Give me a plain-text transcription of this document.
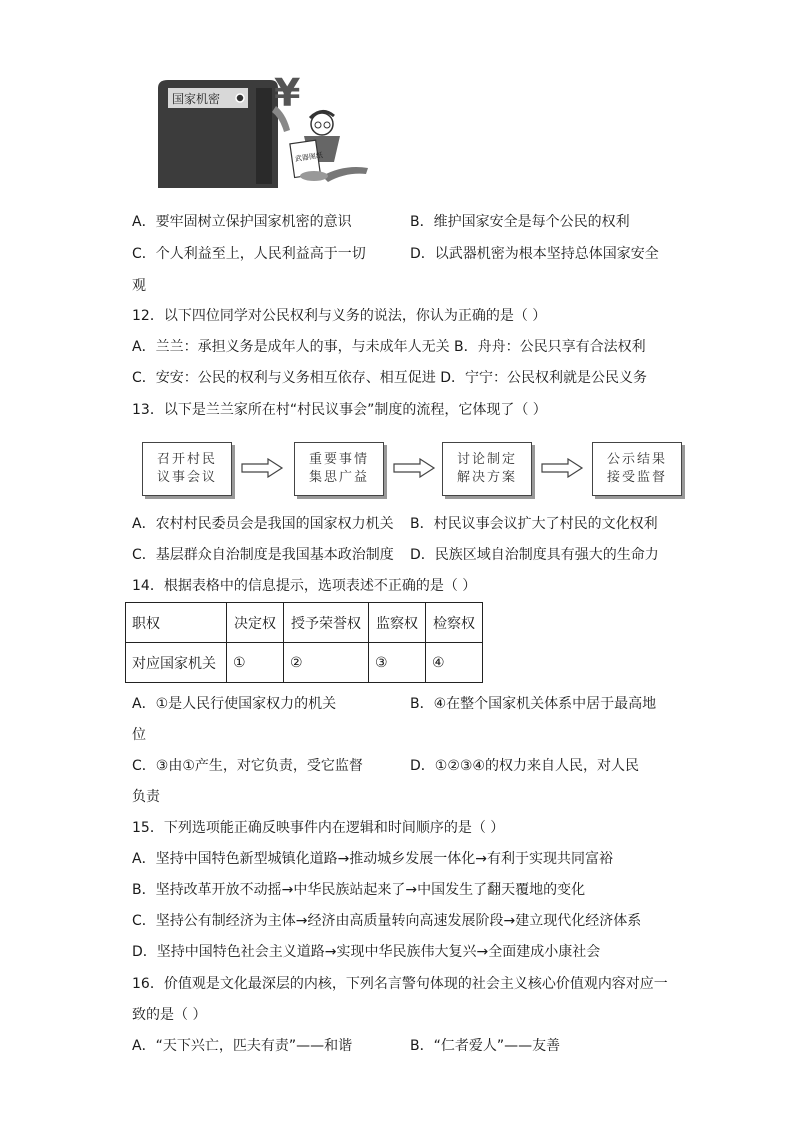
国家机密 ¥
武器图纸
A．要牢固树立保护国家机密的意识	B．维护国家安全是每个公民的权利
C．个人利益至上，人民利益高于一切	D．以武器机密为根本坚持总体国家安全
观
12．以下四位同学对公民权利与义务的说法，你认为正确的是（ ）
A．兰兰：承担义务是成年人的事，与未成年人无关 B．舟舟：公民只享有合法权利
C．安安：公民的权利与义务相互依存、相互促进 D．宁宁：公民权利就是公民义务
13．以下是兰兰家所在村“村民议事会”制度的流程，它体现了（ ）
召开村民
议事会议
重要事情
集思广益
讨论制定
解决方案
公示结果
接受监督
A．农村村民委员会是我国的国家权力机关 B．村民议事会议扩大了村民的文化权利
C．基层群众自治制度是我国基本政治制度 D．民族区域自治制度具有强大的生命力
14．根据表格中的信息提示，选项表述不正确的是（ ）
职权	决定权	授予荣誉权	监察权	检察权
对应国家机关	①	②	③	④
A．①是人民行使国家权力的机关	B．④在整个国家机关体系中居于最高地
位
C．③由①产生，对它负责，受它监督	D．①②③④的权力来自人民，对人民
负责
15．下列选项能正确反映事件内在逻辑和时间顺序的是（ ）
A．坚持中国特色新型城镇化道路→推动城乡发展一体化→有利于实现共同富裕
B．坚持改革开放不动摇→中华民族站起来了→中国发生了翻天覆地的变化
C．坚持公有制经济为主体→经济由高质量转向高速发展阶段→建立现代化经济体系
D．坚持中国特色社会主义道路→实现中华民族伟大复兴→全面建成小康社会
16．价值观是文化最深层的内核，下列名言警句体现的社会主义核心价值观内容对应一
致的是（ ）
A．“天下兴亡，匹夫有责”——和谐	B．“仁者爱人”——友善
